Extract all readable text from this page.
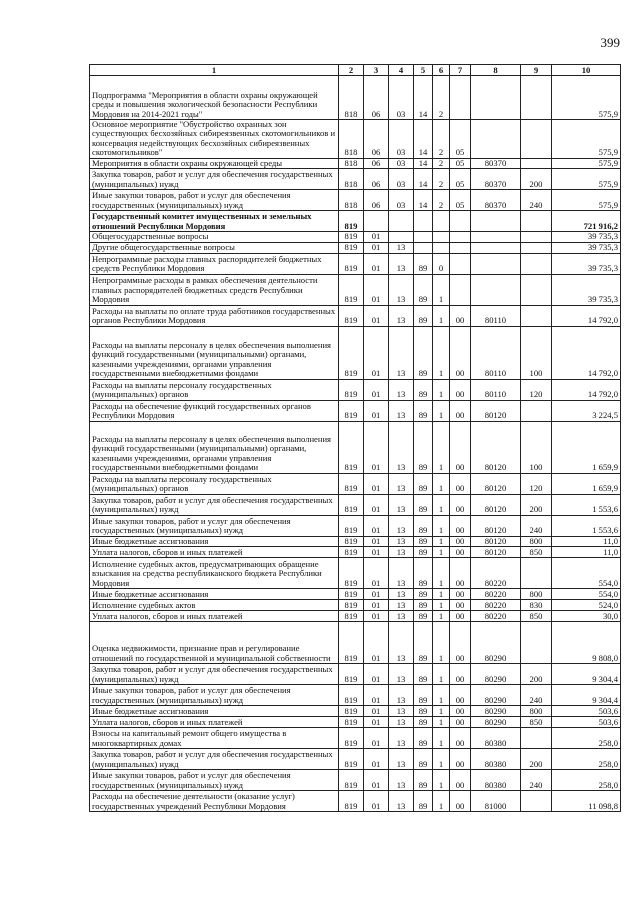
399
1	2	3	4	5	6	7	8	9	10
Подпрограмма "Мероприятия в области охраны окружающей среды и повышения экологической безопасности Республики Мордовия на 2014-2021 годы"	818	06	03	14	2				575,9
Основное мероприятие "Обустройство охранных зон существующих бесхозяйных сибиреязвенных скотомогильников и консервация недействующих бесхозяйных сибиреязвенных скотомогильников"	818	06	03	14	2	05			575,9
Мероприятия в области охраны окружающей среды	818	06	03	14	2	05	80370		575,9
Закупка товаров, работ и услуг для обеспечения государственных (муниципальных) нужд	818	06	03	14	2	05	80370	200	575,9
Иные закупки товаров, работ и услуг для обеспечения государственных (муниципальных) нужд	818	06	03	14	2	05	80370	240	575,9
Государственный комитет имущественных и земельных отношений Республики Мордовия	819								721 916,2
Общегосударственные вопросы	819	01							39 735,3
Другие общегосударственные вопросы	819	01	13						39 735,3
Непрограммные расходы главных распорядителей бюджетных средств Республики Мордовия	819	01	13	89	0				39 735,3
Непрограммные расходы в рамках обеспечения деятельности главных распорядителей бюджетных средств Республики Мордовия	819	01	13	89	1				39 735,3
Расходы на выплаты по оплате труда работников государственных органов Республики Мордовия	819	01	13	89	1	00	80110		14 792,0
Расходы на выплаты персоналу в целях обеспечения выполнения функций государственными (муниципальными) органами, казенными учреждениями, органами управления государственными внебюджетными фондами	819	01	13	89	1	00	80110	100	14 792,0
Расходы на выплаты персоналу государственных (муниципальных) органов	819	01	13	89	1	00	80110	120	14 792,0
Расходы на обеспечение функций государственных органов Республики Мордовия	819	01	13	89	1	00	80120		3 224,5
Расходы на выплаты персоналу в целях обеспечения выполнения функций государственными (муниципальными) органами, казенными учреждениями, органами управления государственными внебюджетными фондами	819	01	13	89	1	00	80120	100	1 659,9
Расходы на выплаты персоналу государственных (муниципальных) органов	819	01	13	89	1	00	80120	120	1 659,9
Закупка товаров, работ и услуг для обеспечения государственных (муниципальных) нужд	819	01	13	89	1	00	80120	200	1 553,6
Иные закупки товаров, работ и услуг для обеспечения государственных (муниципальных) нужд	819	01	13	89	1	00	80120	240	1 553,6
Иные бюджетные ассигнования	819	01	13	89	1	00	80120	800	11,0
Уплата налогов, сборов и иных платежей	819	01	13	89	1	00	80120	850	11,0
Исполнение судебных актов, предусматривающих обращение взыскания на средства республиканского бюджета Республики Мордовия	819	01	13	89	1	00	80220		554,0
Иные бюджетные ассигнования	819	01	13	89	1	00	80220	800	554,0
Исполнение судебных актов	819	01	13	89	1	00	80220	830	524,0
Уплата налогов, сборов и иных платежей	819	01	13	89	1	00	80220	850	30,0
Оценка недвижимости, признание прав и регулирование отношений по государственной и муниципальной собственности	819	01	13	89	1	00	80290		9 808,0
Закупка товаров, работ и услуг для обеспечения государственных (муниципальных) нужд	819	01	13	89	1	00	80290	200	9 304,4
Иные закупки товаров, работ и услуг для обеспечения государственных (муниципальных) нужд	819	01	13	89	1	00	80290	240	9 304,4
Иные бюджетные ассигнования	819	01	13	89	1	00	80290	800	503,6
Уплата налогов, сборов и иных платежей	819	01	13	89	1	00	80290	850	503,6
Взносы на капитальный ремонт общего имущества в многоквартирных домах	819	01	13	89	1	00	80380		258,0
Закупка товаров, работ и услуг для обеспечения государственных (муниципальных) нужд	819	01	13	89	1	00	80380	200	258,0
Иные закупки товаров, работ и услуг для обеспечения государственных (муниципальных) нужд	819	01	13	89	1	00	80380	240	258,0
Расходы на обеспечение деятельности (оказание услуг) государственных учреждений Республики Мордовия	819	01	13	89	1	00	81000		11 098,8
